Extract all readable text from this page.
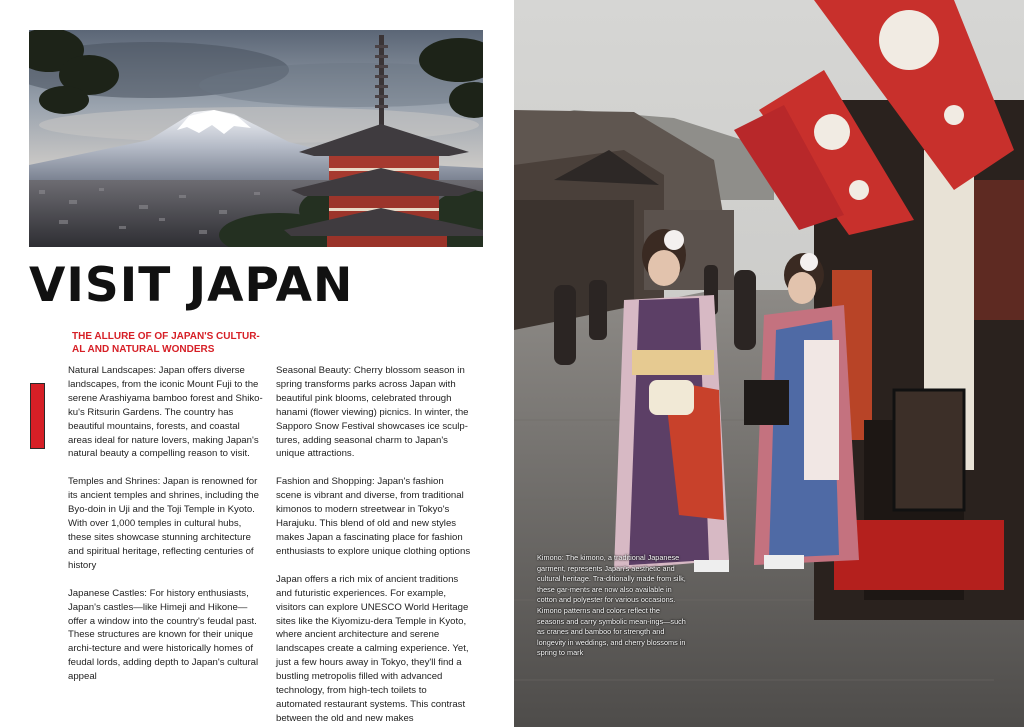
VISIT JAPAN

THE ALLURE OF OF JAPAN'S CULTUR-AL AND NATURAL WONDERS

Natural Landscapes: Japan offers diverse landscapes, from the iconic Mount Fuji to the serene Arashiyama bamboo forest and Shiko-ku's Ritsurin Gardens. The country has beautiful mountains, forests, and coastal areas ideal for nature lovers, making Japan's natural beauty a compelling reason to visit.

Temples and Shrines: Japan is renowned for its ancient temples and shrines, including the Byo-doin in Uji and the Toji Temple in Kyoto. With over 1,000 temples in cultural hubs, these sites showcase stunning architecture and spiritual heritage, reflecting centuries of history

Japanese Castles: For history enthusiasts, Japan's castles—like Himeji and Hikone—offer a window into the country's feudal past. These structures are known for their unique archi-tecture and were historically homes of feudal lords, adding depth to Japan's cultural appeal

Seasonal Beauty: Cherry blossom season in spring transforms parks across Japan with beautiful pink blooms, celebrated through hanami (flower viewing) picnics. In winter, the Sapporo Snow Festival showcases ice sculp-tures, adding seasonal charm to Japan's unique attractions.

Fashion and Shopping: Japan's fashion scene is vibrant and diverse, from traditional kimonos to modern streetwear in Tokyo's Harajuku. This blend of old and new styles makes Japan a fascinating place for fashion enthusiasts to explore unique clothing options

Japan offers a rich mix of ancient traditions and futuristic experiences. For example, visitors can explore UNESCO World Heritage sites like the Kiyomizu-dera Temple in Kyoto, where ancient architecture and serene landscapes create a calming experience. Yet, just a few hours away in Tokyo, they'll find a bustling metropolis filled with advanced technology, from high-tech toilets to automated restaurant systems. This contrast between the old and new makes

Kimono: The kimono, a traditional Japanese garment, represents Japan's aesthetic and cultural heritage. Tra-ditionally made from silk, these gar-ments are now also available in cotton and polyester for various occasions. Kimono patterns and colors reflect the seasons and carry symbolic mean-ings—such as cranes and bamboo for strength and longevity in weddings, and cherry blossoms in spring to mark
